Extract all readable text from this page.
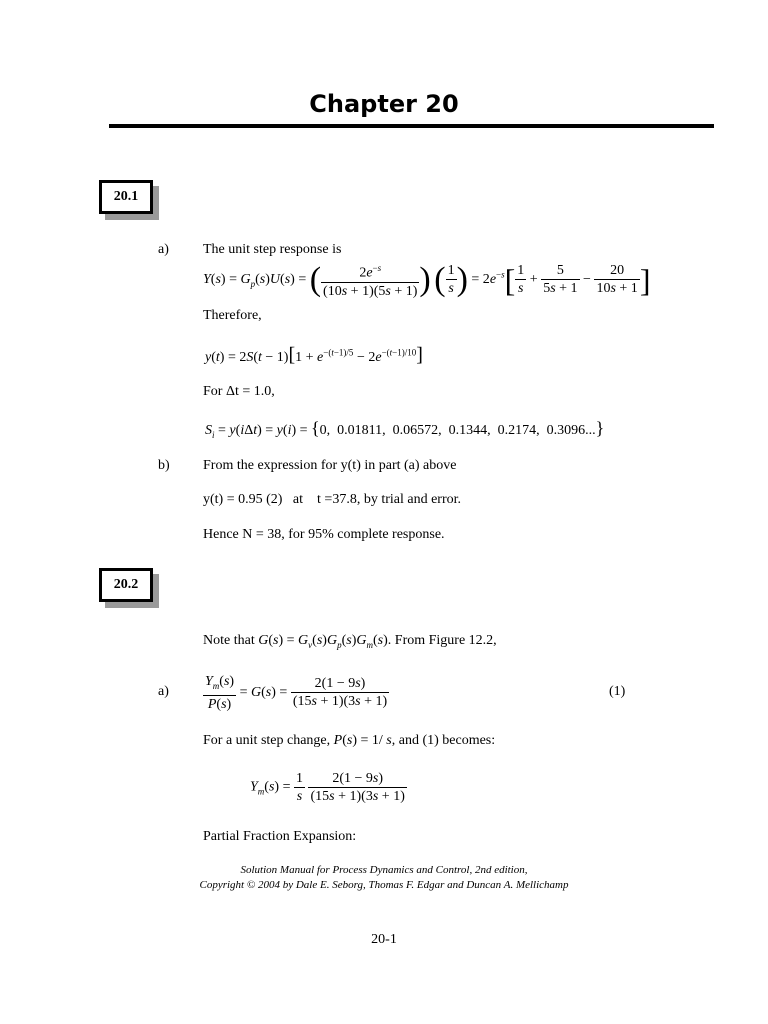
Chapter 20
20.1
a) The unit step response is
$Y(s) = G_p(s)U(s)$ = ( $\frac{2e^{-s}}{(10s + 1)(5s + 1)}$ ) ( $\frac{1}{s}$ ) = $2e^{-s}[ \frac{1}{s} + \frac{5}{5s + 1} - \frac{20}{10s + 1}$ ]
Therefore,
$y(t) = 2S(t - 1)[1 + e^{-(t-1)/5} - 2e^{-(t-1)/10}]$
For Δt = 1.0,
$S_i = y(i\Delta t) = y(i) = \{0$,  0.01811,  0.06572,  0.1344,  0.2174,  0.3096...}
b) From the expression for y(t) in part (a) above
y(t) = 0.95 (2)   at    t =37.8, by trial and error.
Hence N = 38, for 95% complete response.
20.2
Note that $G(s) = G_v(s)G_p(s)G_m(s)$. From Figure 12.2,
$a) \frac{Y_m(s)}{P(s)} = G(s) = \frac{2(1 - 9s)}{(15s + 1)(3s + 1)}$	(1)
For a unit step change, P(s) = 1/ s, and (1) becomes:
$Y_m(s) = \frac{1}{s}$
$\frac{2(1 - 9s)}{(15s + 1)(3s + 1)}$
Partial Fraction Expansion:
Solution Manual for Process Dynamics and Control, 2nd edition,
Copyright © 2004 by Dale E. Seborg, Thomas F. Edgar and Duncan A. Mellichamp
20-1
